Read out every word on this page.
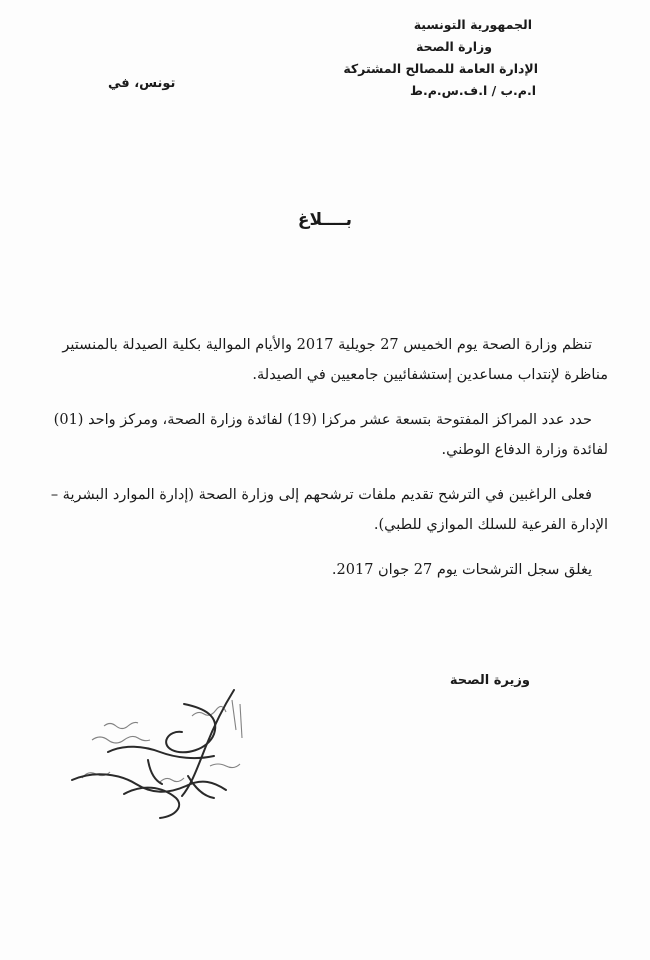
الجمهورية التونسية
وزارة الصحة
الإدارة العامة للمصالح المشتركة
ا.م.ب / ا.ف.س.م.ط
تونس، في
بــــلاغ

تنظم وزارة الصحة يوم الخميس 27 جويلية 2017 والأيام الموالية بكلية الصيدلة بالمنستير

مناظرة لإنتداب مساعدين إستشفائيين جامعيين في الصيدلة.

حدد عدد المراكز المفتوحة بتسعة عشر مركزا (19) لفائدة وزارة الصحة، ومركز واحد (01)

لفائدة وزارة الدفاع الوطني.

فعلى الراغبين في الترشح تقديم ملفات ترشحهم إلى وزارة الصحة (إدارة الموارد البشرية –

الإدارة الفرعية للسلك الموازي للطبي).

يغلق سجل الترشحات يوم 27 جوان 2017.

وزيرة الصحة
